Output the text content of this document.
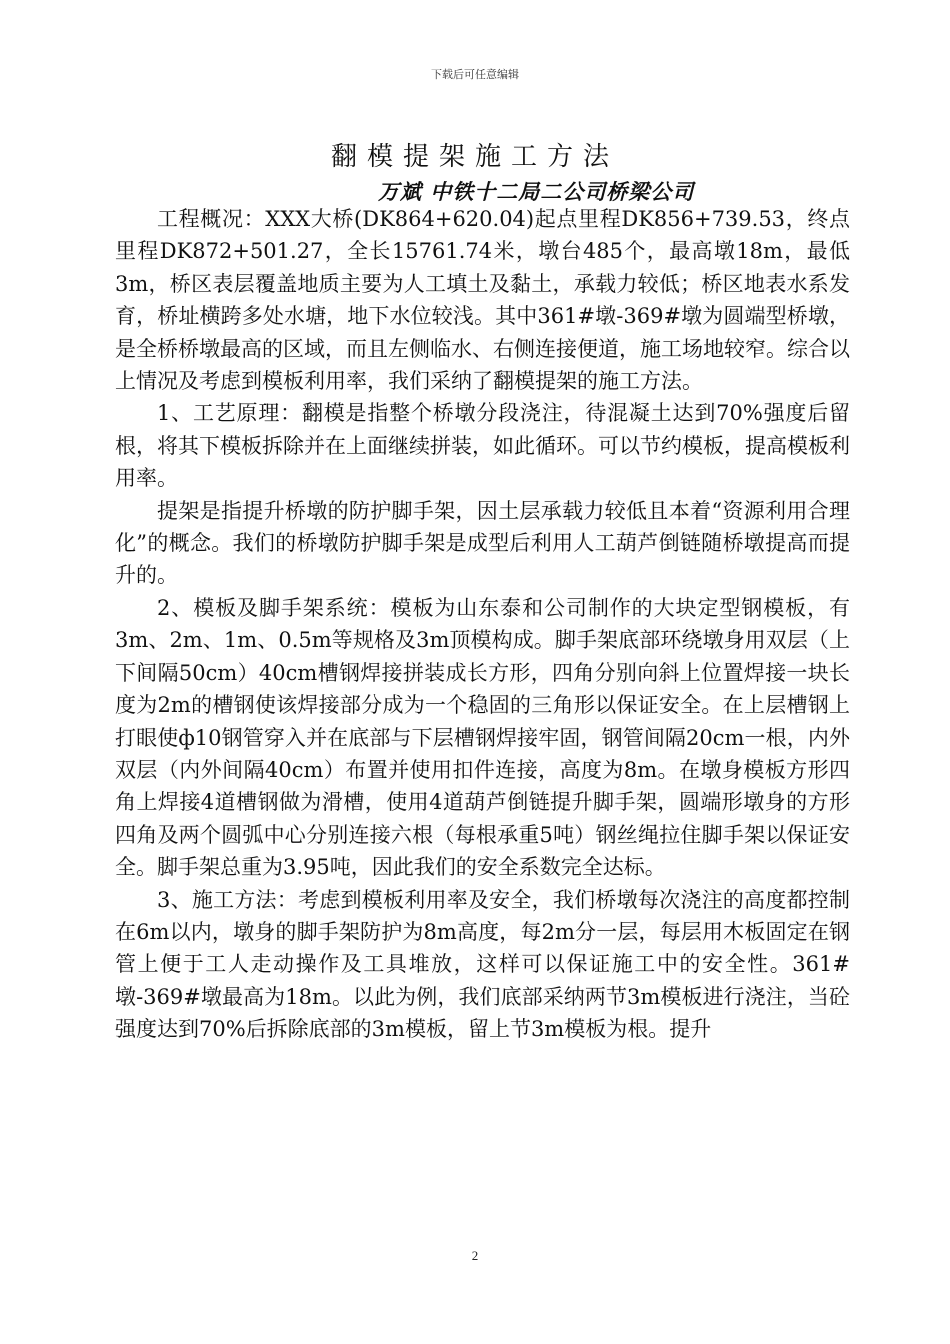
下载后可任意编辑
翻模提架施工方法
万斌 中铁十二局二公司桥梁公司

工程概况：XXX大桥(DK864+620.04)起点里程DK856+739.53，终点里程DK872+501.27，全长15761.74米，墩台485个，最高墩18m，最低3m，桥区表层覆盖地质主要为人工填土及黏土，承载力较低；桥区地表水系发育，桥址横跨多处水塘，地下水位较浅。其中361#墩-369#墩为圆端型桥墩，是全桥桥墩最高的区域，而且左侧临水、右侧连接便道，施工场地较窄。综合以上情况及考虑到模板利用率，我们采纳了翻模提架的施工方法。

1、工艺原理：翻模是指整个桥墩分段浇注，待混凝土达到70%强度后留根，将其下模板拆除并在上面继续拼装，如此循环。可以节约模板，提高模板利用率。

提架是指提升桥墩的防护脚手架，因土层承载力较低且本着“资源利用合理化”的概念。我们的桥墩防护脚手架是成型后利用人工葫芦倒链随桥墩提高而提升的。

2、模板及脚手架系统：模板为山东泰和公司制作的大块定型钢模板，有3m、2m、1m、0.5m等规格及3m顶模构成。脚手架底部环绕墩身用双层（上下间隔50cm）40cm槽钢焊接拼装成长方形，四角分别向斜上位置焊接一块长度为2m的槽钢使该焊接部分成为一个稳固的三角形以保证安全。在上层槽钢上打眼使ф10钢管穿入并在底部与下层槽钢焊接牢固，钢管间隔20cm一根，内外双层（内外间隔40cm）布置并使用扣件连接，高度为8m。在墩身模板方形四角上焊接4道槽钢做为滑槽，使用4道葫芦倒链提升脚手架，圆端形墩身的方形四角及两个圆弧中心分别连接六根（每根承重5吨）钢丝绳拉住脚手架以保证安全。脚手架总重为3.95吨，因此我们的安全系数完全达标。

3、施工方法：考虑到模板利用率及安全，我们桥墩每次浇注的高度都控制在6m以内，墩身的脚手架防护为8m高度，每2m分一层，每层用木板固定在钢管上便于工人走动操作及工具堆放，这样可以保证施工中的安全性。361#墩-369#墩最高为18m。以此为例，我们底部采纳两节3m模板进行浇注，当砼强度达到70%后拆除底部的3m模板，留上节3m模板为根。提升

2
